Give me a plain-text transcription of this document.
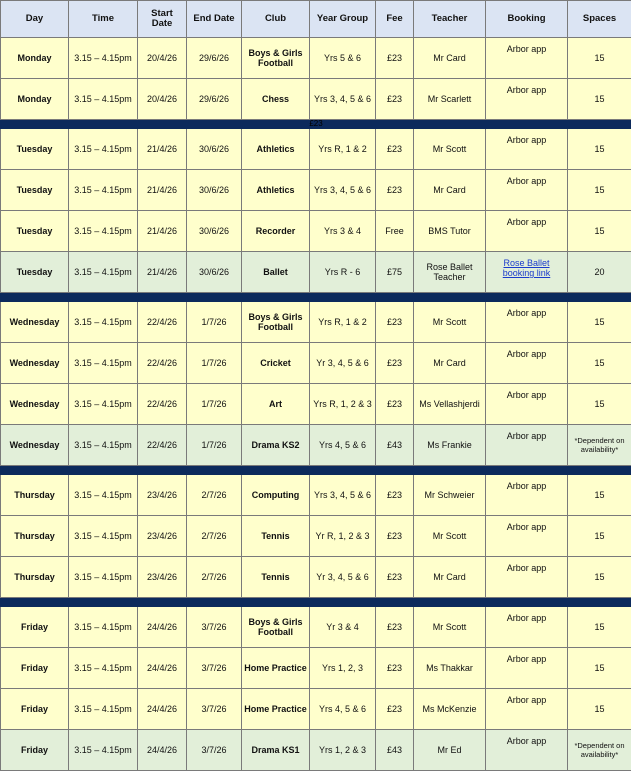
Day	Time	Start Date	End Date	Club	Year Group	Fee	Teacher	Booking	Spaces
Monday	3.15 – 4.15pm	20/4/26	29/6/26	Boys & Girls Football	Yrs 5 & 6	£23	Mr Card	Arbor app	15
Monday	3.15 – 4.15pm	20/4/26	29/6/26	Chess	Yrs 3, 4, 5 & 6	£23	Mr Scarlett	Arbor app	15
£23									
Tuesday	3.15 – 4.15pm	21/4/26	30/6/26	Athletics	Yrs R, 1 & 2	£23	Mr Scott	Arbor app	15
Tuesday	3.15 – 4.15pm	21/4/26	30/6/26	Athletics	Yrs 3, 4, 5 & 6	£23	Mr Card	Arbor app	15
Tuesday	3.15 – 4.15pm	21/4/26	30/6/26	Recorder	Yrs 3 & 4	Free	BMS Tutor	Arbor app	15
Tuesday	3.15 – 4.15pm	21/4/26	30/6/26	Ballet	Yrs R - 6	£75	Rose Ballet Teacher	Rose Ballet booking link	20

Wednesday	3.15 – 4.15pm	22/4/26	1/7/26	Boys & Girls Football	Yrs R, 1 & 2	£23	Mr Scott	Arbor app	15
Wednesday	3.15 – 4.15pm	22/4/26	1/7/26	Cricket	Yr 3, 4, 5 & 6	£23	Mr Card	Arbor app	15
Wednesday	3.15 – 4.15pm	22/4/26	1/7/26	Art	Yrs R, 1, 2 & 3	£23	Ms Vellashjerdi	Arbor app	15
Wednesday	3.15 – 4.15pm	22/4/26	1/7/26	Drama KS2	Yrs 4, 5 & 6	£43	Ms Frankie	Arbor app	*Dependent on availability*

Thursday	3.15 – 4.15pm	23/4/26	2/7/26	Computing	Yrs 3, 4, 5 & 6	£23	Mr Schweier	Arbor app	15
Thursday	3.15 – 4.15pm	23/4/26	2/7/26	Tennis	Yr R, 1, 2 & 3	£23	Mr Scott	Arbor app	15
Thursday	3.15 – 4.15pm	23/4/26	2/7/26	Tennis	Yr 3, 4, 5 & 6	£23	Mr Card	Arbor app	15

Friday	3.15 – 4.15pm	24/4/26	3/7/26	Boys & Girls Football	Yr 3 & 4	£23	Mr Scott	Arbor app	15
Friday	3.15 – 4.15pm	24/4/26	3/7/26	Home Practice	Yrs 1, 2, 3	£23	Ms Thakkar	Arbor app	15
Friday	3.15 – 4.15pm	24/4/26	3/7/26	Home Practice	Yrs 4, 5 & 6	£23	Ms McKenzie	Arbor app	15
Friday	3.15 – 4.15pm	24/4/26	3/7/26	Drama KS1	Yrs 1, 2 & 3	£43	Mr Ed	Arbor app	*Dependent on availability*
